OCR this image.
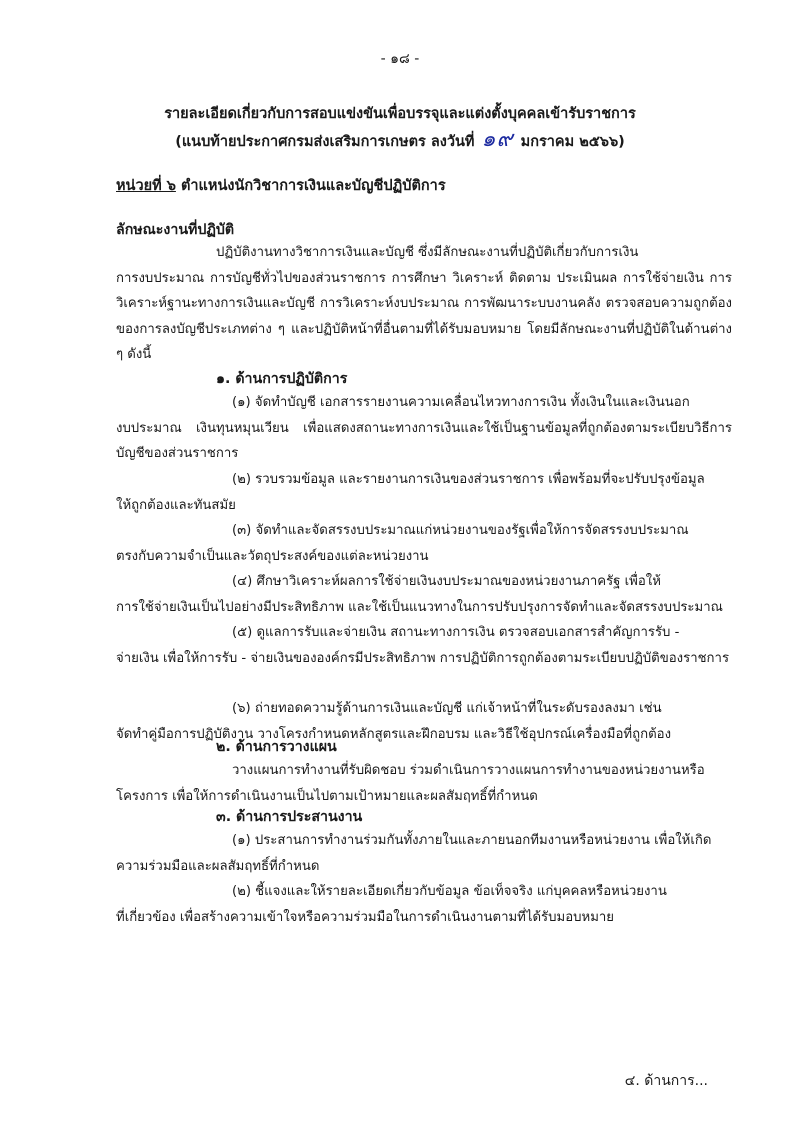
- ๑๘ -
รายละเอียดเกี่ยวกับการสอบแข่งขันเพื่อบรรจุและแต่งตั้งบุคคลเข้ารับราชการ
(แนบท้ายประกาศกรมส่งเสริมการเกษตร ลงวันที่ ๑๙ มกราคม ๒๕๖๖)
หน่วยที่ ๖ ตำแหน่งนักวิชาการเงินและบัญชีปฏิบัติการ
ลักษณะงานที่ปฏิบัติ
ปฏิบัติงานทางวิชาการเงินและบัญชี ซึ่งมีลักษณะงานที่ปฏิบัติเกี่ยวกับการเงิน
การงบประมาณ การบัญชีทั่วไปของส่วนราชการ การศึกษา วิเคราะห์ ติดตาม ประเมินผล การใช้จ่ายเงิน การวิเคราะห์ฐานะทางการเงินและบัญชี การวิเคราะห์งบประมาณ การพัฒนาระบบงานคลัง ตรวจสอบความถูกต้องของการลงบัญชีประเภทต่าง ๆ และปฏิบัติหน้าที่อื่นตามที่ได้รับมอบหมาย โดยมีลักษณะงานที่ปฏิบัติในด้านต่าง ๆ ดังนี้
๑. ด้านการปฏิบัติการ
(๑) จัดทำบัญชี เอกสารรายงานความเคลื่อนไหวทางการเงิน ทั้งเงินในและเงินนอก
งบประมาณ เงินทุนหมุนเวียน เพื่อแสดงสถานะทางการเงินและใช้เป็นฐานข้อมูลที่ถูกต้องตามระเบียบวิธีการบัญชีของส่วนราชการ
(๒) รวบรวมข้อมูล และรายงานการเงินของส่วนราชการ เพื่อพร้อมที่จะปรับปรุงข้อมูล
ให้ถูกต้องและทันสมัย
(๓) จัดทำและจัดสรรงบประมาณแก่หน่วยงานของรัฐเพื่อให้การจัดสรรงบประมาณ
ตรงกับความจำเป็นและวัตถุประสงค์ของแต่ละหน่วยงาน
(๔) ศึกษาวิเคราะห์ผลการใช้จ่ายเงินงบประมาณของหน่วยงานภาครัฐ เพื่อให้
การใช้จ่ายเงินเป็นไปอย่างมีประสิทธิภาพ และใช้เป็นแนวทางในการปรับปรุงการจัดทำและจัดสรรงบประมาณ
(๕) ดูแลการรับและจ่ายเงิน สถานะทางการเงิน ตรวจสอบเอกสารสำคัญการรับ -
จ่ายเงิน เพื่อให้การรับ - จ่ายเงินขององค์กรมีประสิทธิภาพ การปฏิบัติการถูกต้องตามระเบียบปฏิบัติของราชการ
(๖) ถ่ายทอดความรู้ด้านการเงินและบัญชี แก่เจ้าหน้าที่ในระดับรองลงมา เช่น
จัดทำคู่มือการปฏิบัติงาน วางโครงกำหนดหลักสูตรและฝึกอบรม และวิธีใช้อุปกรณ์เครื่องมือที่ถูกต้อง
๒. ด้านการวางแผน
วางแผนการทำงานที่รับผิดชอบ ร่วมดำเนินการวางแผนการทำงานของหน่วยงานหรือ
โครงการ เพื่อให้การดำเนินงานเป็นไปตามเป้าหมายและผลสัมฤทธิ์ที่กำหนด
๓. ด้านการประสานงาน
(๑) ประสานการทำงานร่วมกันทั้งภายในและภายนอกทีมงานหรือหน่วยงาน เพื่อให้เกิด
ความร่วมมือและผลสัมฤทธิ์ที่กำหนด
(๒) ชี้แจงและให้รายละเอียดเกี่ยวกับข้อมูล ข้อเท็จจริง แก่บุคคลหรือหน่วยงาน
ที่เกี่ยวข้อง เพื่อสร้างความเข้าใจหรือความร่วมมือในการดำเนินงานตามที่ได้รับมอบหมาย
๔. ด้านการ...
